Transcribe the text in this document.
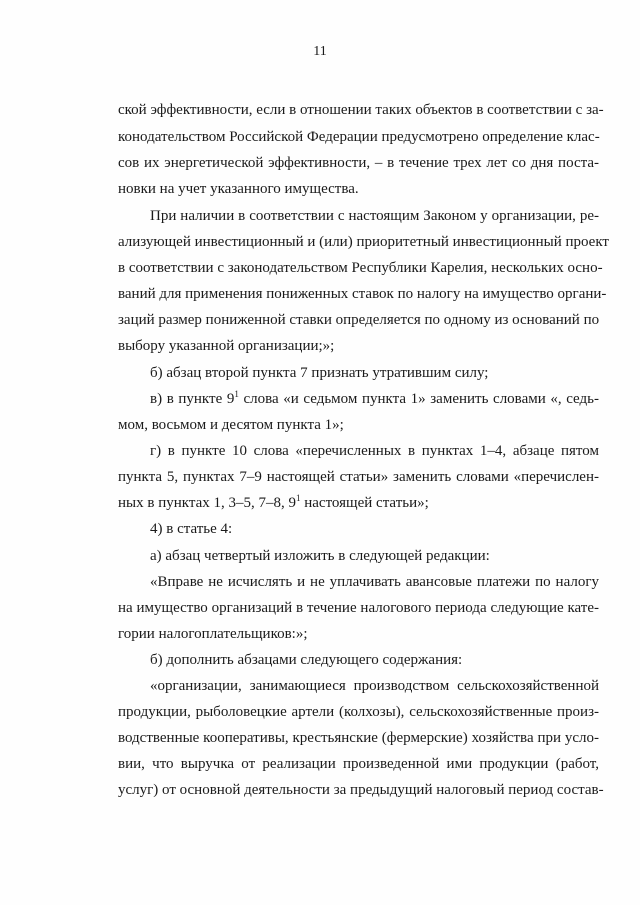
11
ской эффективности, если в отношении таких объектов в соответствии с за-
конодательством Российской Федерации предусмотрено определение клас-
сов их энергетической эффективности, – в течение трех лет со дня поста-
новки на учет указанного имущества.
При наличии в соответствии с настоящим Законом у организации, ре-
ализующей инвестиционный и (или) приоритетный инвестиционный проект
в соответствии с законодательством Республики Карелия, нескольких осно-
ваний для применения пониженных ставок по налогу на имущество органи-
заций размер пониженной ставки определяется по одному из оснований по
выбору указанной организации;»;
б) абзац второй пункта 7 признать утратившим силу;
в) в пункте $9^1$ слова «и седьмом пункта 1» заменить словами «, седь-
мом, восьмом и десятом пункта 1»;
г) в пункте 10 слова «перечисленных в пунктах 1–4, абзаце пятом
пункта 5, пунктах 7–9 настоящей статьи» заменить словами «перечислен-
ных в пунктах 1, 3–5, 7–8, $9^1$ настоящей статьи»;
4) в статье 4:
а) абзац четвертый изложить в следующей редакции:
«Вправе не исчислять и не уплачивать авансовые платежи по налогу
на имущество организаций в течение налогового периода следующие кате-
гории налогоплательщиков:»;
б) дополнить абзацами следующего содержания:
«организации, занимающиеся производством сельскохозяйственной
продукции, рыболовецкие артели (колхозы), сельскохозяйственные произ-
водственные кооперативы, крестьянские (фермерские) хозяйства при усло-
вии, что выручка от реализации произведенной ими продукции (работ,
услуг) от основной деятельности за предыдущий налоговый период состав-
